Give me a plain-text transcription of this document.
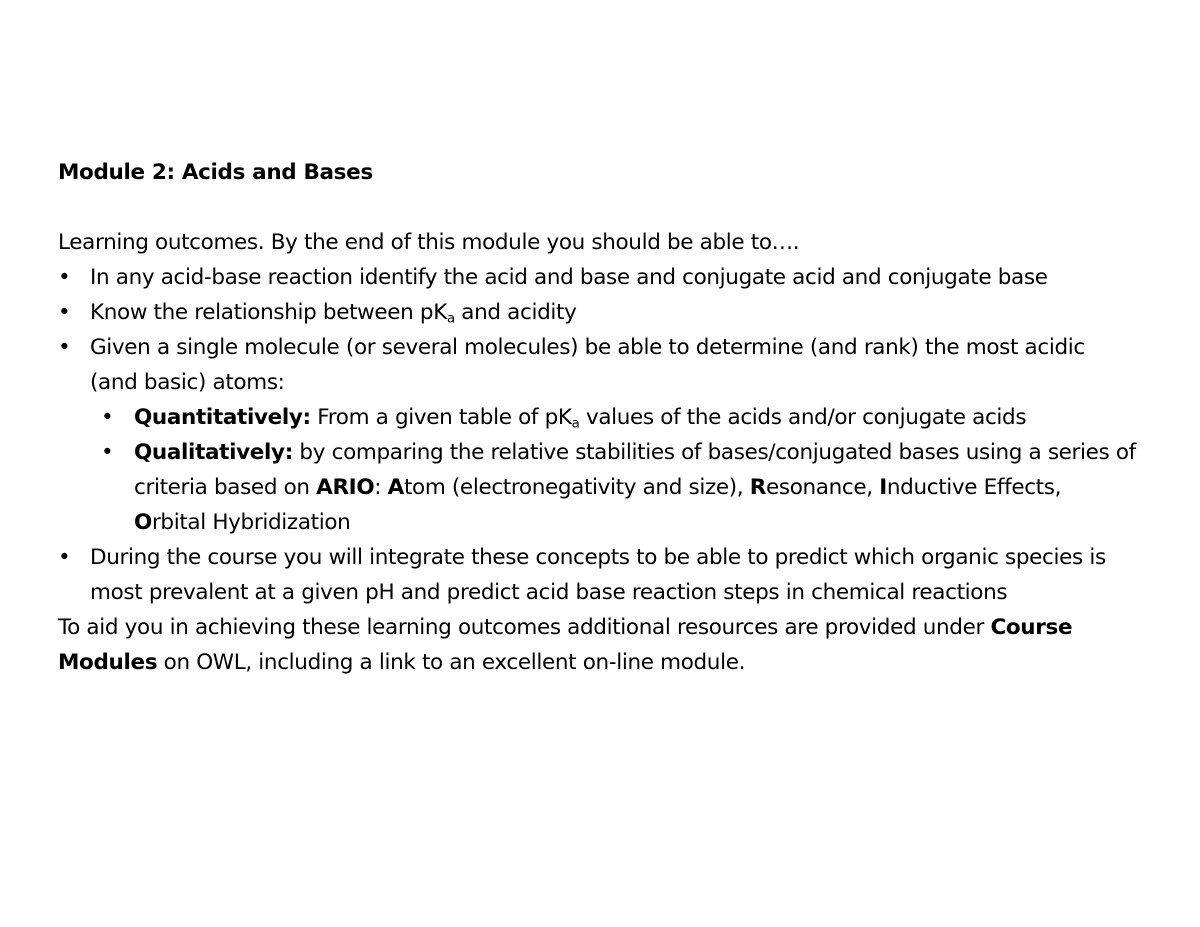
Module 2: Acids and Bases
Learning outcomes. By the end of this module you should be able to….
• In any acid-base reaction identify the acid and base and conjugate acid and conjugate base
• Know the relationship between $pK_a$ and acidity
• Given a single molecule (or several molecules) be able to determine (and rank) the most acidic (and basic) atoms:
• Quantitatively: From a given table of $pK_a$ values of the acids and/or conjugate acids
• Qualitatively: by comparing the relative stabilities of bases/conjugated bases using a series of criteria based on ARIO: Atom (electronegativity and size), Resonance, Inductive Effects, Orbital Hybridization
• During the course you will integrate these concepts to be able to predict which organic species is most prevalent at a given pH and predict acid base reaction steps in chemical reactions
To aid you in achieving these learning outcomes additional resources are provided under Course Modules on OWL, including a link to an excellent on-line module.
